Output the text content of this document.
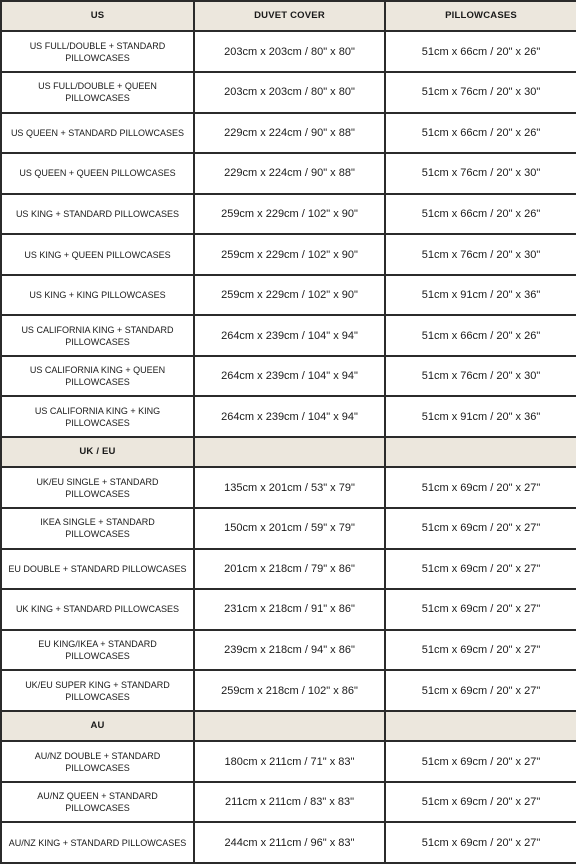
US	DUVET COVER	PILLOWCASES
US FULL/DOUBLE + STANDARD PILLOWCASES	203cm x 203cm / 80" x 80"	51cm x 66cm / 20" x 26"
US FULL/DOUBLE + QUEEN PILLOWCASES	203cm x 203cm / 80" x 80"	51cm x 76cm / 20" x 30"
US QUEEN + STANDARD PILLOWCASES	229cm x 224cm / 90" x 88"	51cm x 66cm / 20" x 26"
US QUEEN + QUEEN PILLOWCASES	229cm x 224cm / 90" x 88"	51cm x 76cm / 20" x 30"
US KING + STANDARD PILLOWCASES	259cm x 229cm / 102" x 90"	51cm x 66cm / 20" x 26"
US KING + QUEEN PILLOWCASES	259cm x 229cm / 102" x 90"	51cm x 76cm / 20" x 30"
US KING + KING PILLOWCASES	259cm x 229cm / 102" x 90"	51cm x 91cm / 20" x 36"
US CALIFORNIA KING + STANDARD PILLOWCASES	264cm x 239cm / 104" x 94"	51cm x 66cm / 20" x 26"
US CALIFORNIA KING + QUEEN PILLOWCASES	264cm x 239cm / 104" x 94"	51cm x 76cm / 20" x 30"
US CALIFORNIA KING + KING PILLOWCASES	264cm x 239cm / 104" x 94"	51cm x 91cm / 20" x 36"
UK / EU		
UK/EU SINGLE + STANDARD PILLOWCASES	135cm x 201cm / 53" x 79"	51cm x 69cm / 20" x 27"
IKEA SINGLE + STANDARD PILLOWCASES	150cm x 201cm / 59" x 79"	51cm x 69cm / 20" x 27"
EU DOUBLE + STANDARD PILLOWCASES	201cm x 218cm / 79" x 86"	51cm x 69cm / 20" x 27"
UK KING + STANDARD PILLOWCASES	231cm x 218cm / 91" x 86"	51cm x 69cm / 20" x 27"
EU KING/IKEA + STANDARD PILLOWCASES	239cm x 218cm / 94" x 86"	51cm x 69cm / 20" x 27"
UK/EU SUPER KING + STANDARD PILLOWCASES	259cm x 218cm / 102" x 86"	51cm x 69cm / 20" x 27"
AU		
AU/NZ DOUBLE + STANDARD PILLOWCASES	180cm x 211cm / 71" x 83"	51cm x 69cm / 20" x 27"
AU/NZ QUEEN + STANDARD PILLOWCASES	211cm x 211cm / 83" x 83"	51cm x 69cm / 20" x 27"
AU/NZ KING + STANDARD PILLOWCASES	244cm x 211cm / 96" x 83"	51cm x 69cm / 20" x 27"
